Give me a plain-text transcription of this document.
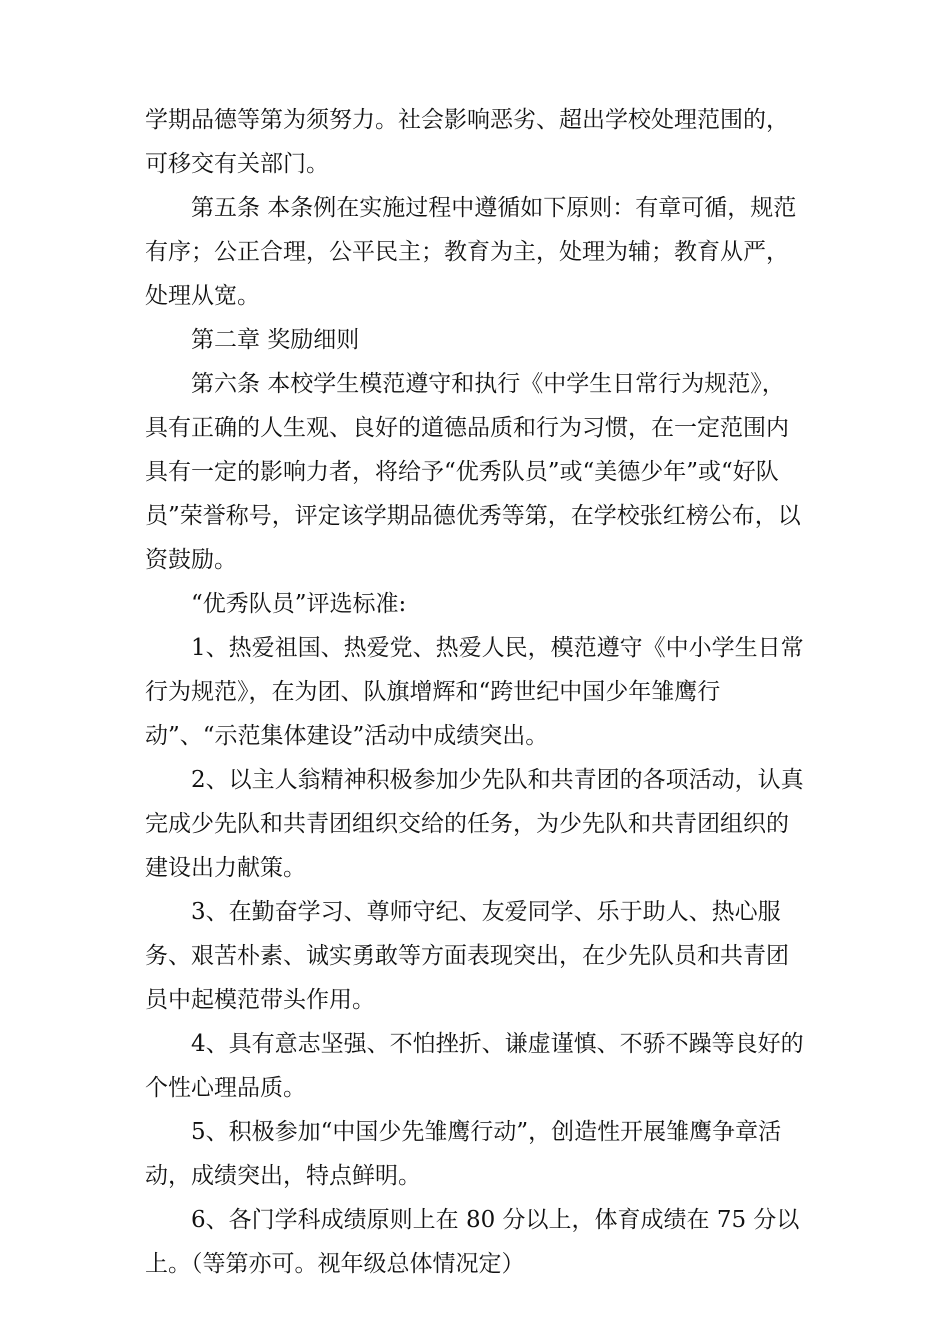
学期品德等第为须努力。社会影响恶劣、超出学校处理范围的，可移交有关部门。

第五条 本条例在实施过程中遵循如下原则：有章可循，规范有序；公正合理，公平民主；教育为主，处理为辅；教育从严，处理从宽。

第二章 奖励细则

第六条 本校学生模范遵守和执行《中学生日常行为规范》，具有正确的人生观、良好的道德品质和行为习惯，在一定范围内具有一定的影响力者，将给予“优秀队员”或“美德少年”或“好队员”荣誉称号，评定该学期品德优秀等第，在学校张红榜公布，以资鼓励。

“优秀队员”评选标准:

1、热爱祖国、热爱党、热爱人民，模范遵守《中小学生日常行为规范》，在为团、队旗增辉和“跨世纪中国少年雏鹰行动”、“示范集体建设”活动中成绩突出。

2、以主人翁精神积极参加少先队和共青团的各项活动，认真完成少先队和共青团组织交给的任务，为少先队和共青团组织的建设出力献策。

3、在勤奋学习、尊师守纪、友爱同学、乐于助人、热心服务、艰苦朴素、诚实勇敢等方面表现突出，在少先队员和共青团员中起模范带头作用。

4、具有意志坚强、不怕挫折、谦虚谨慎、不骄不躁等良好的个性心理品质。

5、积极参加“中国少先雏鹰行动”，创造性开展雏鹰争章活动，成绩突出，特点鲜明。

6、各门学科成绩原则上在 80 分以上，体育成绩在 75 分以上。（等第亦可。视年级总体情况定）
